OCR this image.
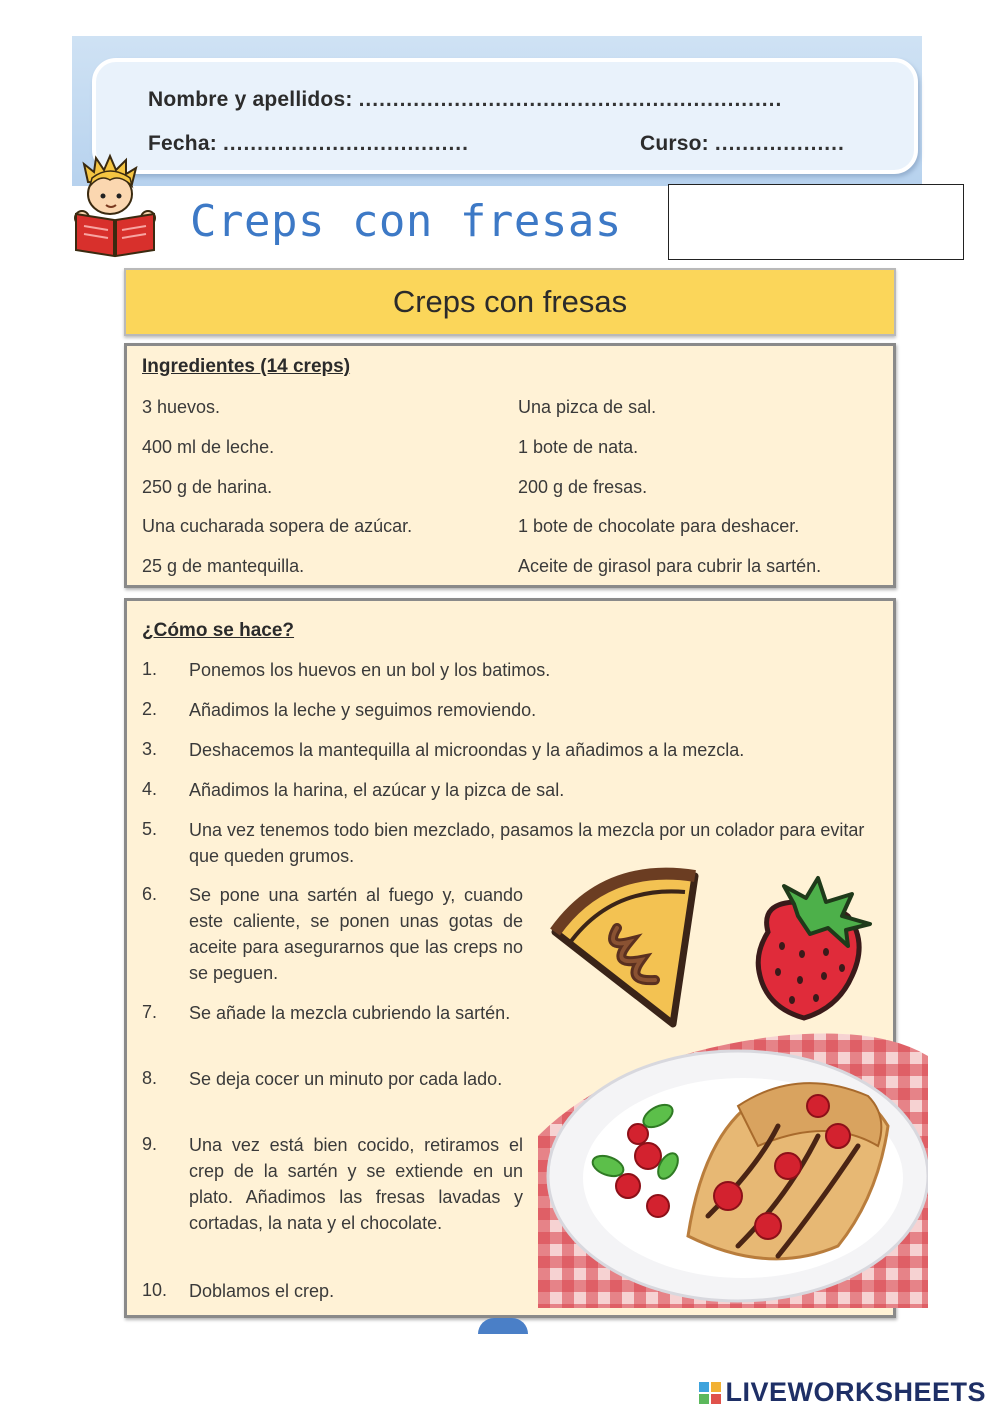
Nombre y apellidos: ..............................................................
Fecha: ....................................	Curso: ...................
Creps con fresas
Creps con fresas
Ingredientes (14 creps)
3 huevos.
400 ml de leche.
250 g de harina.
Una cucharada sopera de azúcar.
25 g de mantequilla.
Una pizca de sal.
1 bote de nata.
200 g de fresas.
1 bote de chocolate para deshacer.
Aceite de girasol para cubrir la sartén.
¿Cómo se hace?
1. Ponemos los huevos en un bol y los batimos.
2. Añadimos la leche y seguimos removiendo.
3. Deshacemos la mantequilla al microondas y la añadimos a la mezcla.
4. Añadimos la harina, el azúcar y la pizca de sal.
5. Una vez tenemos todo bien mezclado, pasamos la mezcla por un colador para evitar que queden grumos.
6. Se pone una sartén al fuego y, cuando este caliente, se ponen unas gotas de aceite para asegurarnos que las creps no se peguen.
7. Se añade la mezcla cubriendo la sartén.
8. Se deja cocer un minuto por cada lado.
9. Una vez está bien cocido, retiramos el crep de la sartén y se extiende en un plato. Añadimos las fresas lavadas y cortadas, la nata y el chocolate.
10. Doblamos el crep.
LIVEWORKSHEETS
